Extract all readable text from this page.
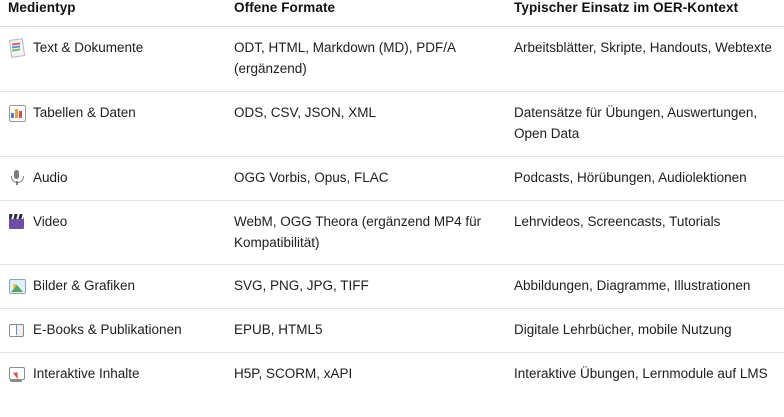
Medientyp	Offene Formate	Typischer Einsatz im OER-Kontext

Text & Dokumente	ODT, HTML, Markdown (MD), PDF/A (ergänzend)	Arbeitsblätter, Skripte, Handouts, Webtexte

Tabellen & Daten	ODS, CSV, JSON, XML	Datensätze für Übungen, Auswertungen, Open Data

Audio	OGG Vorbis, Opus, FLAC	Podcasts, Hörübungen, Audiolektionen

Video	WebM, OGG Theora (ergänzend MP4 für Kompatibilität)	Lehrvideos, Screencasts, Tutorials

Bilder & Grafiken	SVG, PNG, JPG, TIFF	Abbildungen, Diagramme, Illustrationen

E-Books & Publikationen	EPUB, HTML5	Digitale Lehrbücher, mobile Nutzung

Interaktive Inhalte	H5P, SCORM, xAPI	Interaktive Übungen, Lernmodule auf LMS
